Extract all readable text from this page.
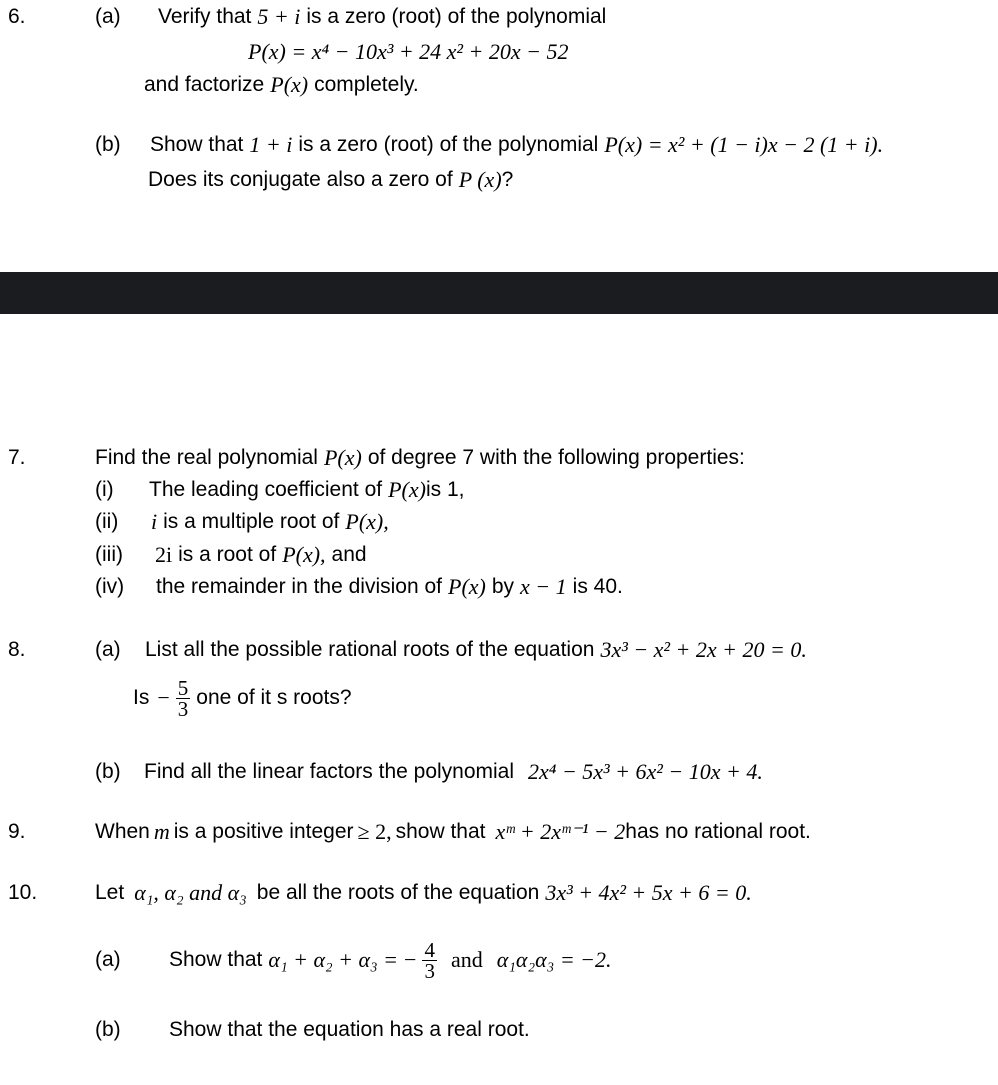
6.	(a)	Verify that 5 + i is a zero (root) of the polynomial
P(x) = x⁴ − 10x³ + 24 x² + 20x − 52
and factorize P(x) completely.
(b)	Show that 1 + i is a zero (root) of the polynomial P(x) = x² + (1 − i)x − 2 (1 + i).
Does its conjugate also a zero of P (x) ?
7.	Find the real polynomial P(x) of degree 7 with the following properties:
(i)	The leading coefficient of P(x) is 1,
(ii)	i is a multiple root of P(x),
(iii)	2i is a root of P(x), and
(iv)	the remainder in the division of P(x) by x − 1 is 40.
8.	(a)	List all the possible rational roots of the equation 3x³ − x² + 2x + 20 = 0.
$Is - \frac{5}{3}$ one of it s roots?
(b)	Find all the linear factors the polynomial 2x⁴ − 5x³ + 6x² − 10x + 4.
9.	When m is a positive integer ≥ 2, show that xᵐ + 2xᵐ⁻¹ − 2 has no rational root.
10.	Let α₁, α₂ and α₃ be all the roots of the equation 3x³ + 4x² + 5x + 6 = 0.
(a)	Show that α₁ + α₂ + α₃ = − $\frac{4}{3}$ and α₁α₂α₃ = −2.
(b)	Show that the equation has a real root.
